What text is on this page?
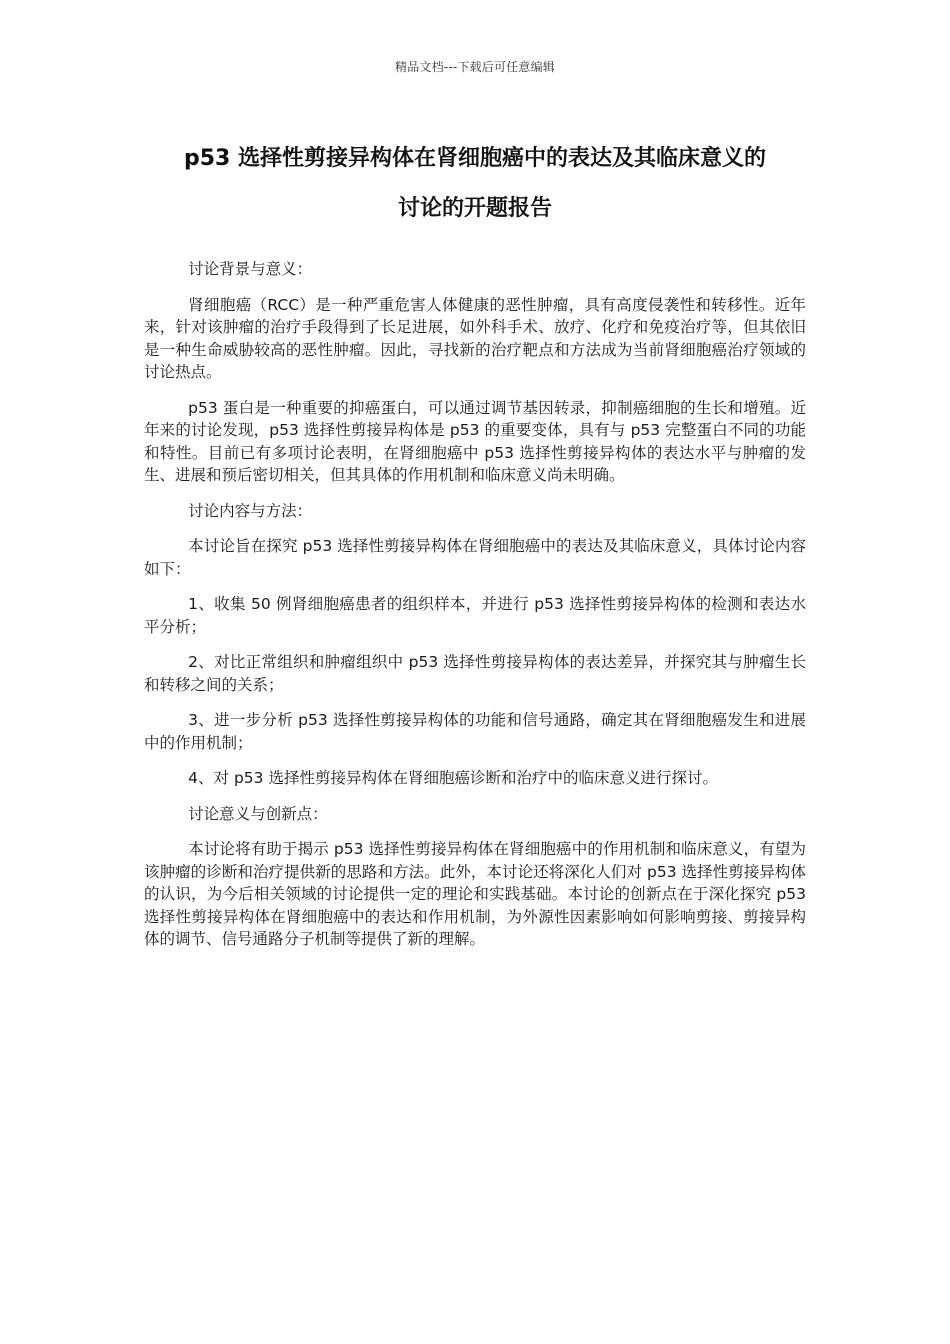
精品文档---下载后可任意编辑
p53 选择性剪接异构体在肾细胞癌中的表达及其临床意义的
讨论的开题报告

讨论背景与意义：

肾细胞癌（RCC）是一种严重危害人体健康的恶性肿瘤，具有高度侵袭性和转移性。近年来，针对该肿瘤的治疗手段得到了长足进展，如外科手术、放疗、化疗和免疫治疗等，但其依旧是一种生命威胁较高的恶性肿瘤。因此，寻找新的治疗靶点和方法成为当前肾细胞癌治疗领域的讨论热点。

p53 蛋白是一种重要的抑癌蛋白，可以通过调节基因转录，抑制癌细胞的生长和增殖。近年来的讨论发现，p53 选择性剪接异构体是 p53 的重要变体，具有与 p53 完整蛋白不同的功能和特性。目前已有多项讨论表明，在肾细胞癌中 p53 选择性剪接异构体的表达水平与肿瘤的发生、进展和预后密切相关，但其具体的作用机制和临床意义尚未明确。

讨论内容与方法：

本讨论旨在探究 p53 选择性剪接异构体在肾细胞癌中的表达及其临床意义，具体讨论内容如下：

1、收集 50 例肾细胞癌患者的组织样本，并进行 p53 选择性剪接异构体的检测和表达水平分析；

2、对比正常组织和肿瘤组织中 p53 选择性剪接异构体的表达差异，并探究其与肿瘤生长和转移之间的关系；

3、进一步分析 p53 选择性剪接异构体的功能和信号通路，确定其在肾细胞癌发生和进展中的作用机制；

4、对 p53 选择性剪接异构体在肾细胞癌诊断和治疗中的临床意义进行探讨。

讨论意义与创新点：

本讨论将有助于揭示 p53 选择性剪接异构体在肾细胞癌中的作用机制和临床意义，有望为该肿瘤的诊断和治疗提供新的思路和方法。此外，本讨论还将深化人们对 p53 选择性剪接异构体的认识，为今后相关领域的讨论提供一定的理论和实践基础。本讨论的创新点在于深化探究 p53 选择性剪接异构体在肾细胞癌中的表达和作用机制，为外源性因素影响如何影响剪接、剪接异构体的调节、信号通路分子机制等提供了新的理解。
